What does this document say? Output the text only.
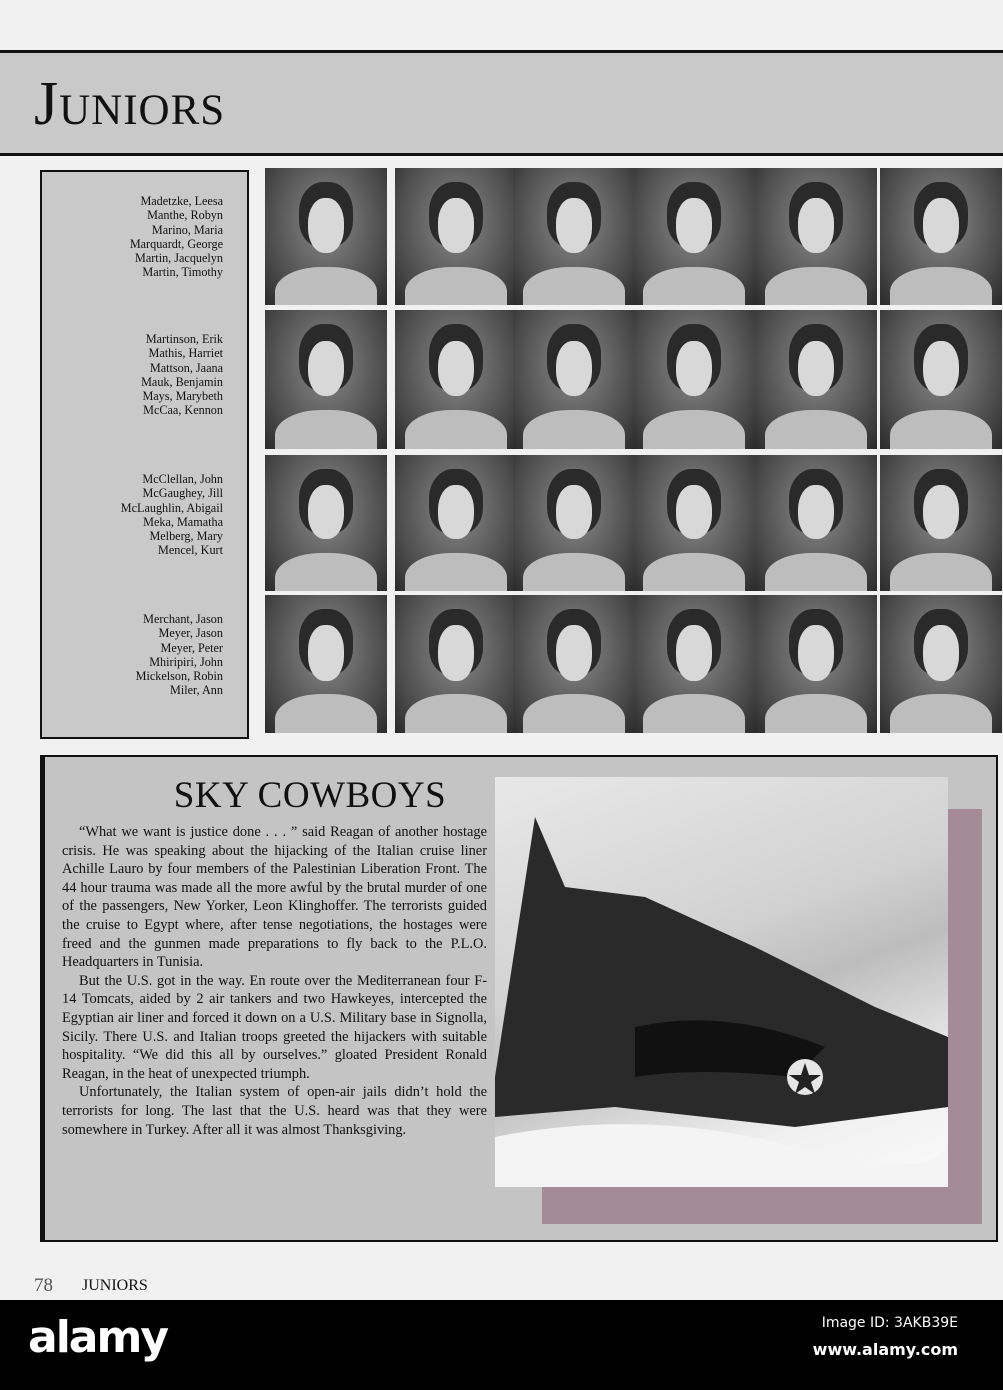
Juniors
Madetzke, Leesa
Manthe, Robyn
Marino, Maria
Marquardt, George
Martin, Jacquelyn
Martin, Timothy
Martinson, Erik
Mathis, Harriet
Mattson, Jaana
Mauk, Benjamin
Mays, Marybeth
McCaa, Kennon
McClellan, John
McGaughey, Jill
McLaughlin, Abigail
Meka, Mamatha
Melberg, Mary
Mencel, Kurt
Merchant, Jason
Meyer, Jason
Meyer, Peter
Mhiripiri, John
Mickelson, Robin
Miler, Ann
SKY COWBOYS

“What we want is justice done . . . ” said Reagan of another hostage crisis. He was speaking about the hijacking of the Italian cruise liner Achille Lauro by four members of the Palestinian Liberation Front. The 44 hour trauma was made all the more awful by the brutal murder of one of the passengers, New Yorker, Leon Klinghoffer. The terrorists guided the cruise to Egypt where, after tense negotiations, the hostages were freed and the gunmen made preparations to fly back to the P.L.O. Headquarters in Tunisia.

But the U.S. got in the way. En route over the Mediterranean four F-14 Tomcats, aided by 2 air tankers and two Hawkeyes, intercepted the Egyptian air liner and forced it down on a U.S. Military base in Signolla, Sicily. There U.S. and Italian troops greeted the hijackers with suitable hospitality. “We did this all by ourselves.” gloated President Ronald Reagan, in the heat of unexpected triumph.

Unfortunately, the Italian system of open-air jails didn’t hold the terrorists for long. The last that the U.S. heard was that they were somewhere in Turkey. After all it was almost Thanksgiving.

78 JUNIORS
alamy	Image ID: 3AKB39E
www.alamy.com
